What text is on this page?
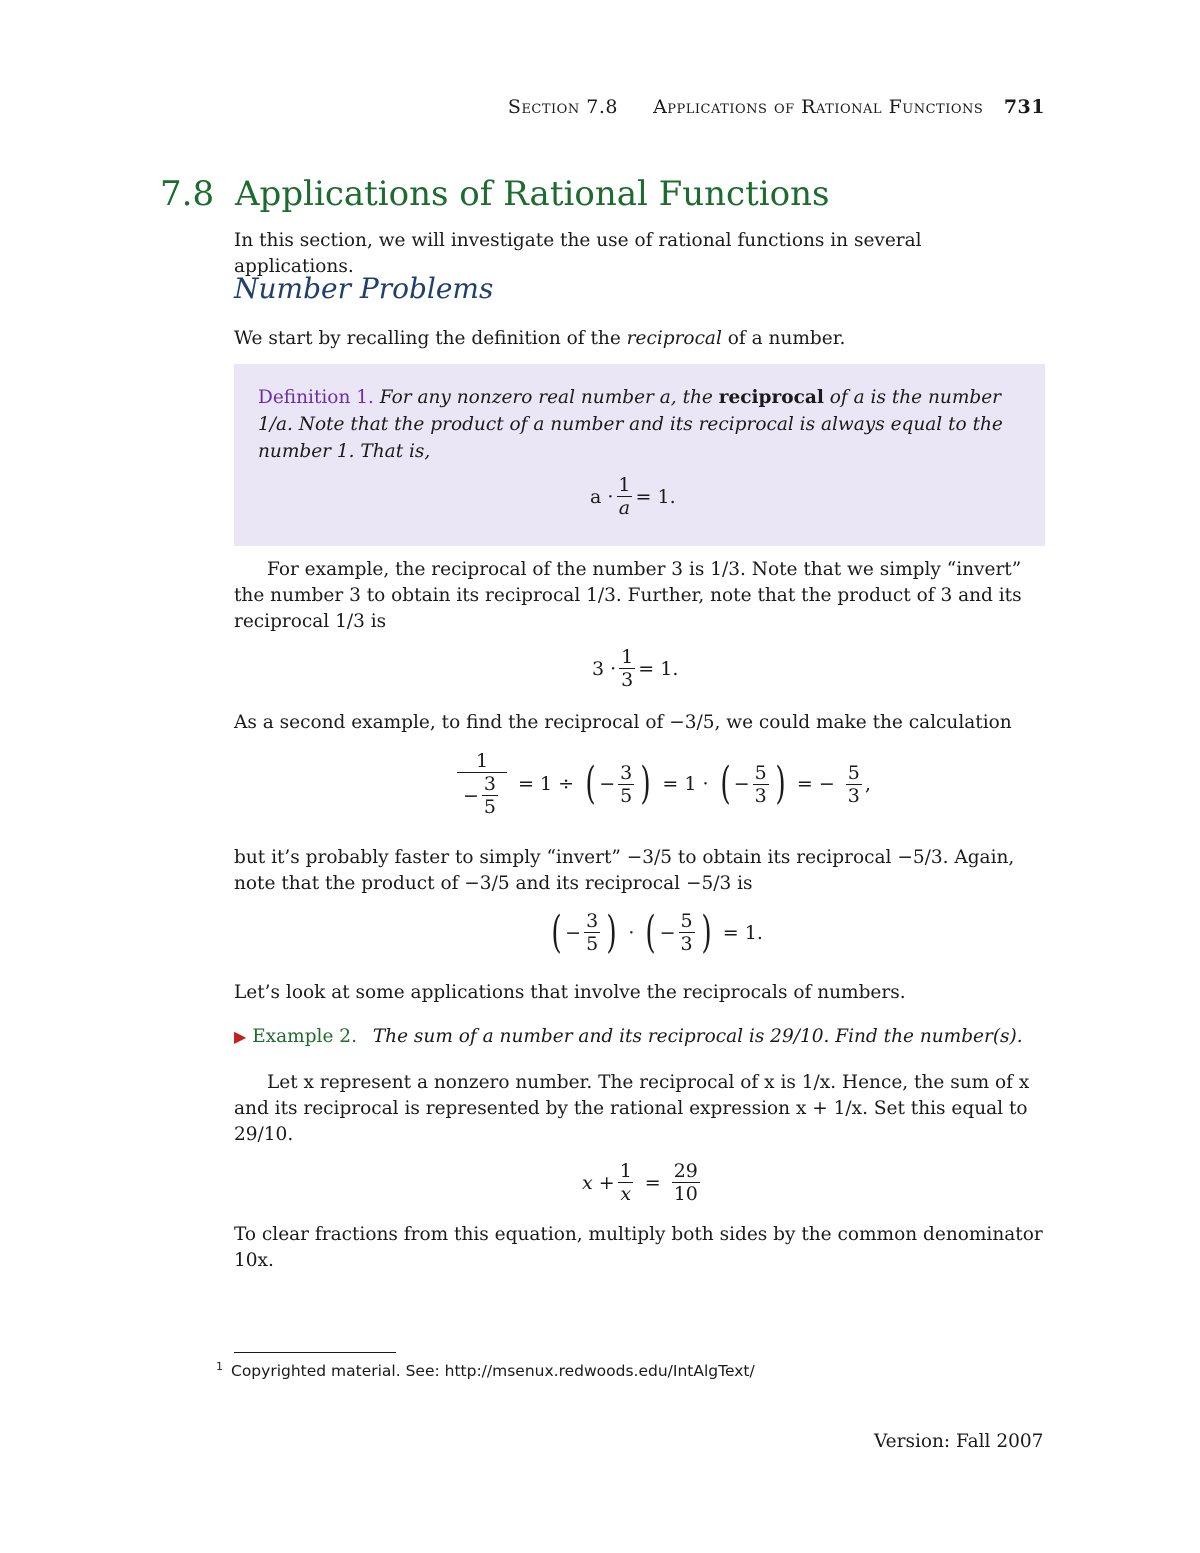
Section 7.8 Applications of Rational Functions 731
7.8 Applications of Rational Functions
In this section, we will investigate the use of rational functions in several applications.
Number Problems
We start by recalling the definition of the reciprocal of a number.
Definition 1. For any nonzero real number a, the reciprocal of a is the number 1/a. Note that the product of a number and its reciprocal is always equal to the number 1. That is,
$a \cdot \frac{1}{a} = 1$.
For example, the reciprocal of the number 3 is 1/3. Note that we simply “invert” the number 3 to obtain its reciprocal 1/3. Further, note that the product of 3 and its reciprocal 1/3 is
$3 \cdot \frac{1}{3} = 1$.
As a second example, to find the reciprocal of −3/5, we could make the calculation
$\frac{1}{- \frac{3}{5}} = 1$ ÷ ( − $\frac{3}{5}$ ) = 1 · ( − $\frac{5}{3}$ ) = − $\frac{5}{3}$ ,
but it’s probably faster to simply “invert” −3/5 to obtain its reciprocal −5/3. Again, note that the product of −3/5 and its reciprocal −5/3 is
( − $\frac{3}{5}$ ) · ( − $\frac{5}{3}$ ) = 1.
Let’s look at some applications that involve the reciprocals of numbers.
▶ Example 2. The sum of a number and its reciprocal is 29/10. Find the number(s).
Let x represent a nonzero number. The reciprocal of x is 1/x. Hence, the sum of x and its reciprocal is represented by the rational expression x + 1/x. Set this equal to 29/10.
$x + \frac{1}{x} = \frac{29}{10}$
To clear fractions from this equation, multiply both sides by the common denominator 10x.
$^1$ Copyrighted material. See: http://msenux.redwoods.edu/IntAlgText/
Version: Fall 2007
